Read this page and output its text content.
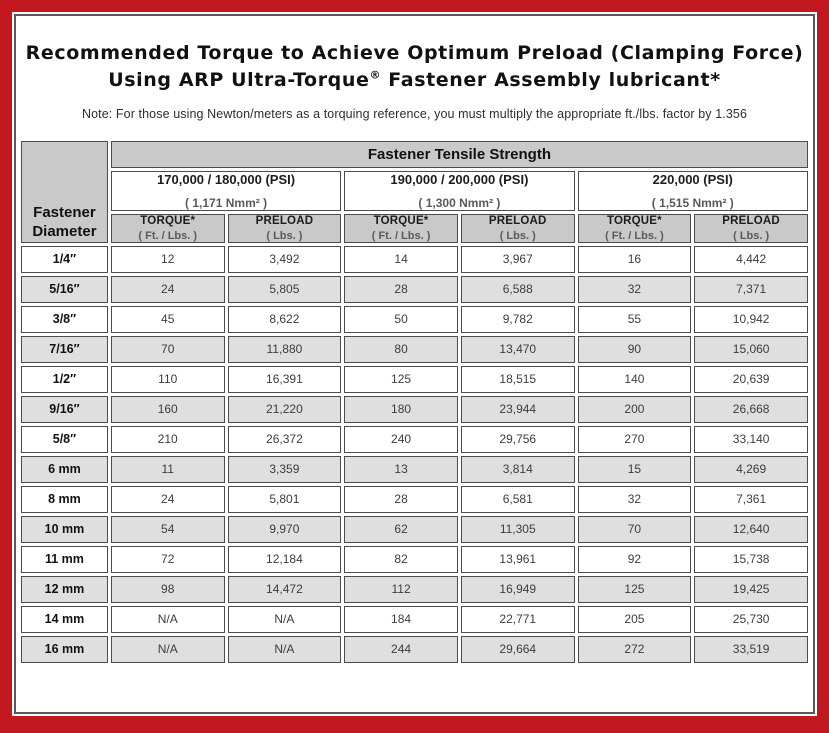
Recommended Torque to Achieve Optimum Preload (Clamping Force)
Using ARP Ultra-Torque® Fastener Assembly lubricant*

Note: For those using Newton/meters as a torquing reference, you must multiply the appropriate ft./lbs. factor by 1.356

Fastener Diameter	Fastener Tensile Strength					

170,000 / 180,000 (PSI)
( 1,171 Nmm² )

190,000 / 200,000 (PSI)
( 1,300 Nmm² )

220,000 (PSI)
( 1,515 Nmm² )

TORQUE*
( Ft. / Lbs. )

PRELOAD
( Lbs. )

TORQUE*
( Ft. / Lbs. )

PRELOAD
( Lbs. )

TORQUE*
( Ft. / Lbs. )

PRELOAD
( Lbs. )

1/4″	12	3,492	14	3,967	16	4,442
5/16″	24	5,805	28	6,588	32	7,371
3/8″	45	8,622	50	9,782	55	10,942
7/16″	70	11,880	80	13,470	90	15,060
1/2″	110	16,391	125	18,515	140	20,639
9/16″	160	21,220	180	23,944	200	26,668
5/8″	210	26,372	240	29,756	270	33,140
6 mm	11	3,359	13	3,814	15	4,269
8 mm	24	5,801	28	6,581	32	7,361
10 mm	54	9,970	62	11,305	70	12,640
11 mm	72	12,184	82	13,961	92	15,738
12 mm	98	14,472	112	16,949	125	19,425
14 mm	N/A	N/A	184	22,771	205	25,730
16 mm	N/A	N/A	244	29,664	272	33,519
